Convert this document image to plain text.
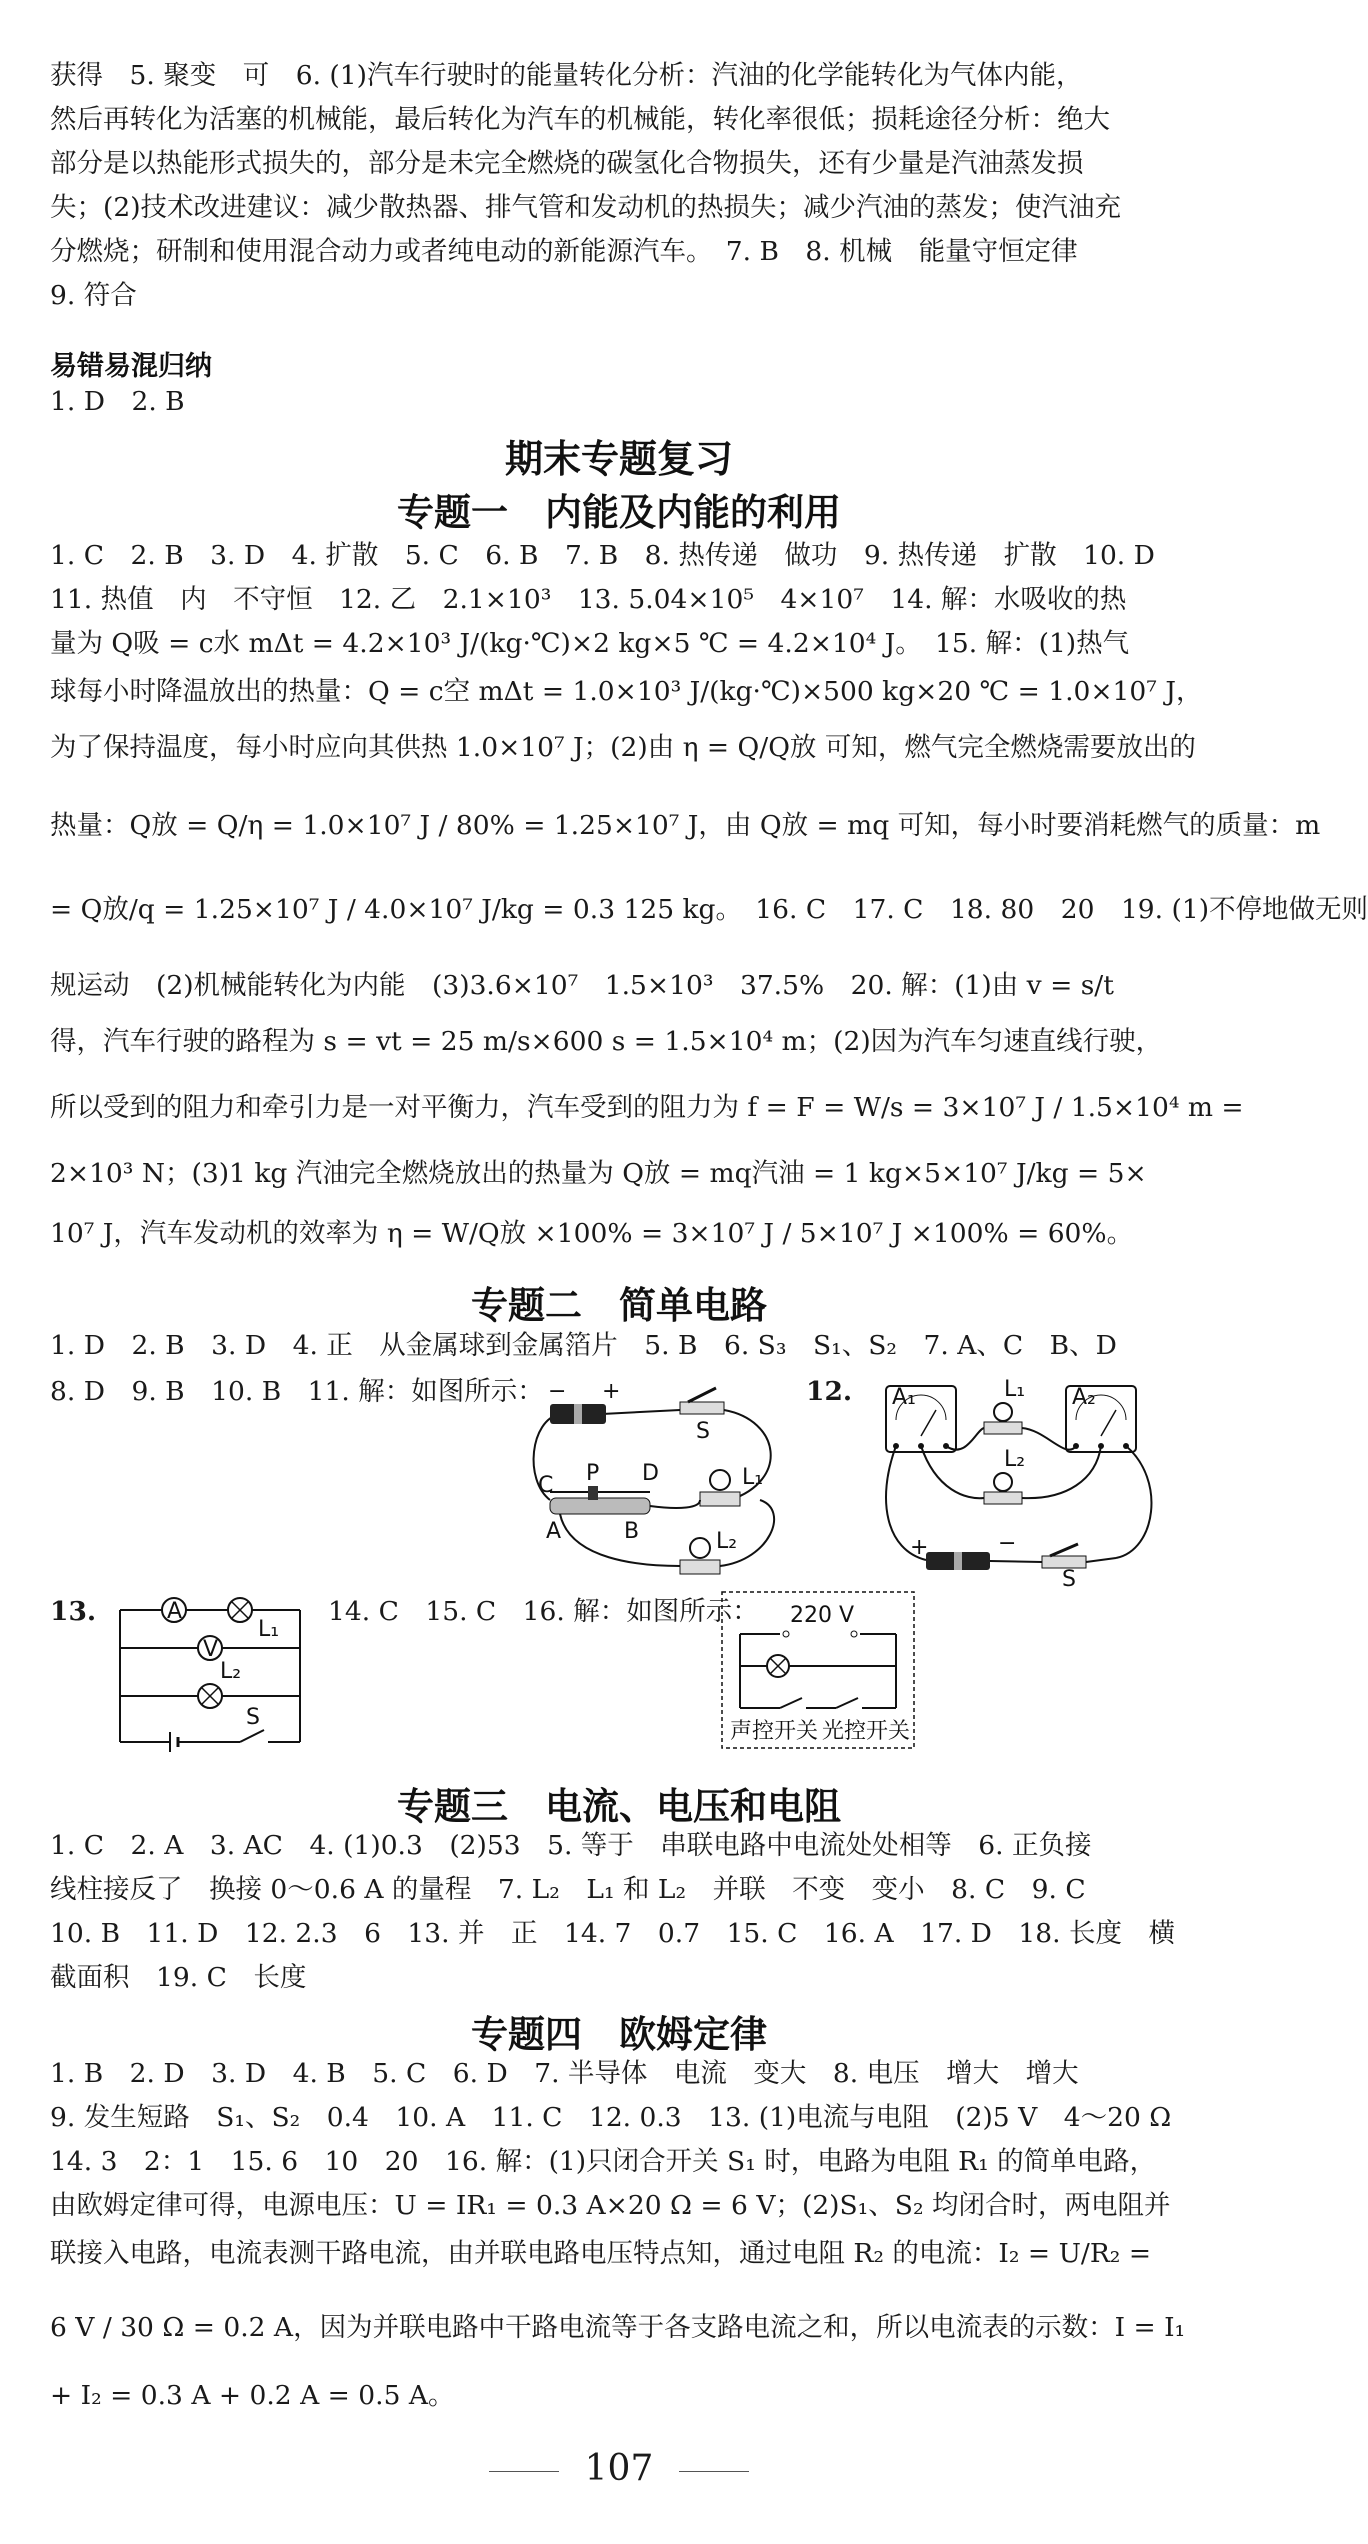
获得　5. 聚变　可　6. (1)汽车行驶时的能量转化分析：汽油的化学能转化为气体内能，
然后再转化为活塞的机械能，最后转化为汽车的机械能，转化率很低；损耗途径分析：绝大
部分是以热能形式损失的，部分是未完全燃烧的碳氢化合物损失，还有少量是汽油蒸发损
失；(2)技术改进建议：减少散热器、排气管和发动机的热损失；减少汽油的蒸发；使汽油充
分燃烧；研制和使用混合动力或者纯电动的新能源汽车。　7. B　8. 机械　能量守恒定律
9. 符合
易错易混归纳
1. D　2. B
期末专题复习
专题一　内能及内能的利用
1. C　2. B　3. D　4. 扩散　5. C　6. B　7. B　8. 热传递　做功　9. 热传递　扩散　10. D
11. 热值　内　不守恒　12. 乙　2.1×10³　13. 5.04×10⁵　4×10⁷　14. 解：水吸收的热
量为 Q吸 = c水 mΔt = 4.2×10³ J/(kg·℃)×2 kg×5 ℃ = 4.2×10⁴ J。　15. 解：(1)热气
球每小时降温放出的热量：Q = c空 mΔt = 1.0×10³ J/(kg·℃)×500 kg×20 ℃ = 1.0×10⁷ J，
为了保持温度，每小时应向其供热 1.0×10⁷ J；(2)由 η = Q/Q放 可知，燃气完全燃烧需要放出的
热量：Q放 = Q/η = 1.0×10⁷ J / 80% = 1.25×10⁷ J，由 Q放 = mq 可知，每小时要消耗燃气的质量：m
= Q放/q = 1.25×10⁷ J / 4.0×10⁷ J/kg = 0.3 125 kg。　16. C　17. C　18. 80　20　19. (1)不停地做无则
规运动　(2)机械能转化为内能　(3)3.6×10⁷　1.5×10³　37.5%　20. 解：(1)由 v = s/t
得，汽车行驶的路程为 s = vt = 25 m/s×600 s = 1.5×10⁴ m；(2)因为汽车匀速直线行驶，
所以受到的阻力和牵引力是一对平衡力，汽车受到的阻力为 f = F = W/s = 3×10⁷ J / 1.5×10⁴ m =
2×10³ N；(3)1 kg 汽油完全燃烧放出的热量为 Q放 = mq汽油 = 1 kg×5×10⁷ J/kg = 5×
10⁷ J，汽车发动机的效率为 η = W/Q放 ×100% = 3×10⁷ J / 5×10⁷ J ×100% = 60%。
专题二　简单电路
1. D　2. B　3. D　4. 正　从金属球到金属箔片　5. B　6. S₃　S₁、S₂　7. A、C　B、D
8. D　9. B　10. B　11. 解：如图所示：	12.
− +
S
L₁
C P D
A	B	L₂
A₁	A₂
L₁
L₂
+	−
S
13.	A
L₁
V
L₂
S
14. C　15. C　16. 解：如图所示： 220 V
声控开关 光控开关
专题三　电流、电压和电阻
1. C　2. A　3. AC　4. (1)0.3　(2)53　5. 等于　串联电路中电流处处相等　6. 正负接
线柱接反了　换接 0～0.6 A 的量程　7. L₂　L₁ 和 L₂　并联　不变　变小　8. C　9. C
10. B　11. D　12. 2.3　6　13. 并　正　14. 7　0.7　15. C　16. A　17. D　18. 长度　横
截面积　19. C　长度
专题四　欧姆定律
1. B　2. D　3. D　4. B　5. C　6. D　7. 半导体　电流　变大　8. 电压　增大　增大
9. 发生短路　S₁、S₂　0.4　10. A　11. C　12. 0.3　13. (1)电流与电阻　(2)5 V　4～20 Ω
14. 3　2：1　15. 6　10　20　16. 解：(1)只闭合开关 S₁ 时，电路为电阻 R₁ 的简单电路，
由欧姆定律可得，电源电压：U = IR₁ = 0.3 A×20 Ω = 6 V；(2)S₁、S₂ 均闭合时，两电阻并
联接入电路，电流表测干路电流，由并联电路电压特点知，通过电阻 R₂ 的电流：I₂ = U/R₂ =
6 V / 30 Ω = 0.2 A，因为并联电路中干路电流等于各支路电流之和，所以电流表的示数：I = I₁
+ I₂ = 0.3 A + 0.2 A = 0.5 A。
107
